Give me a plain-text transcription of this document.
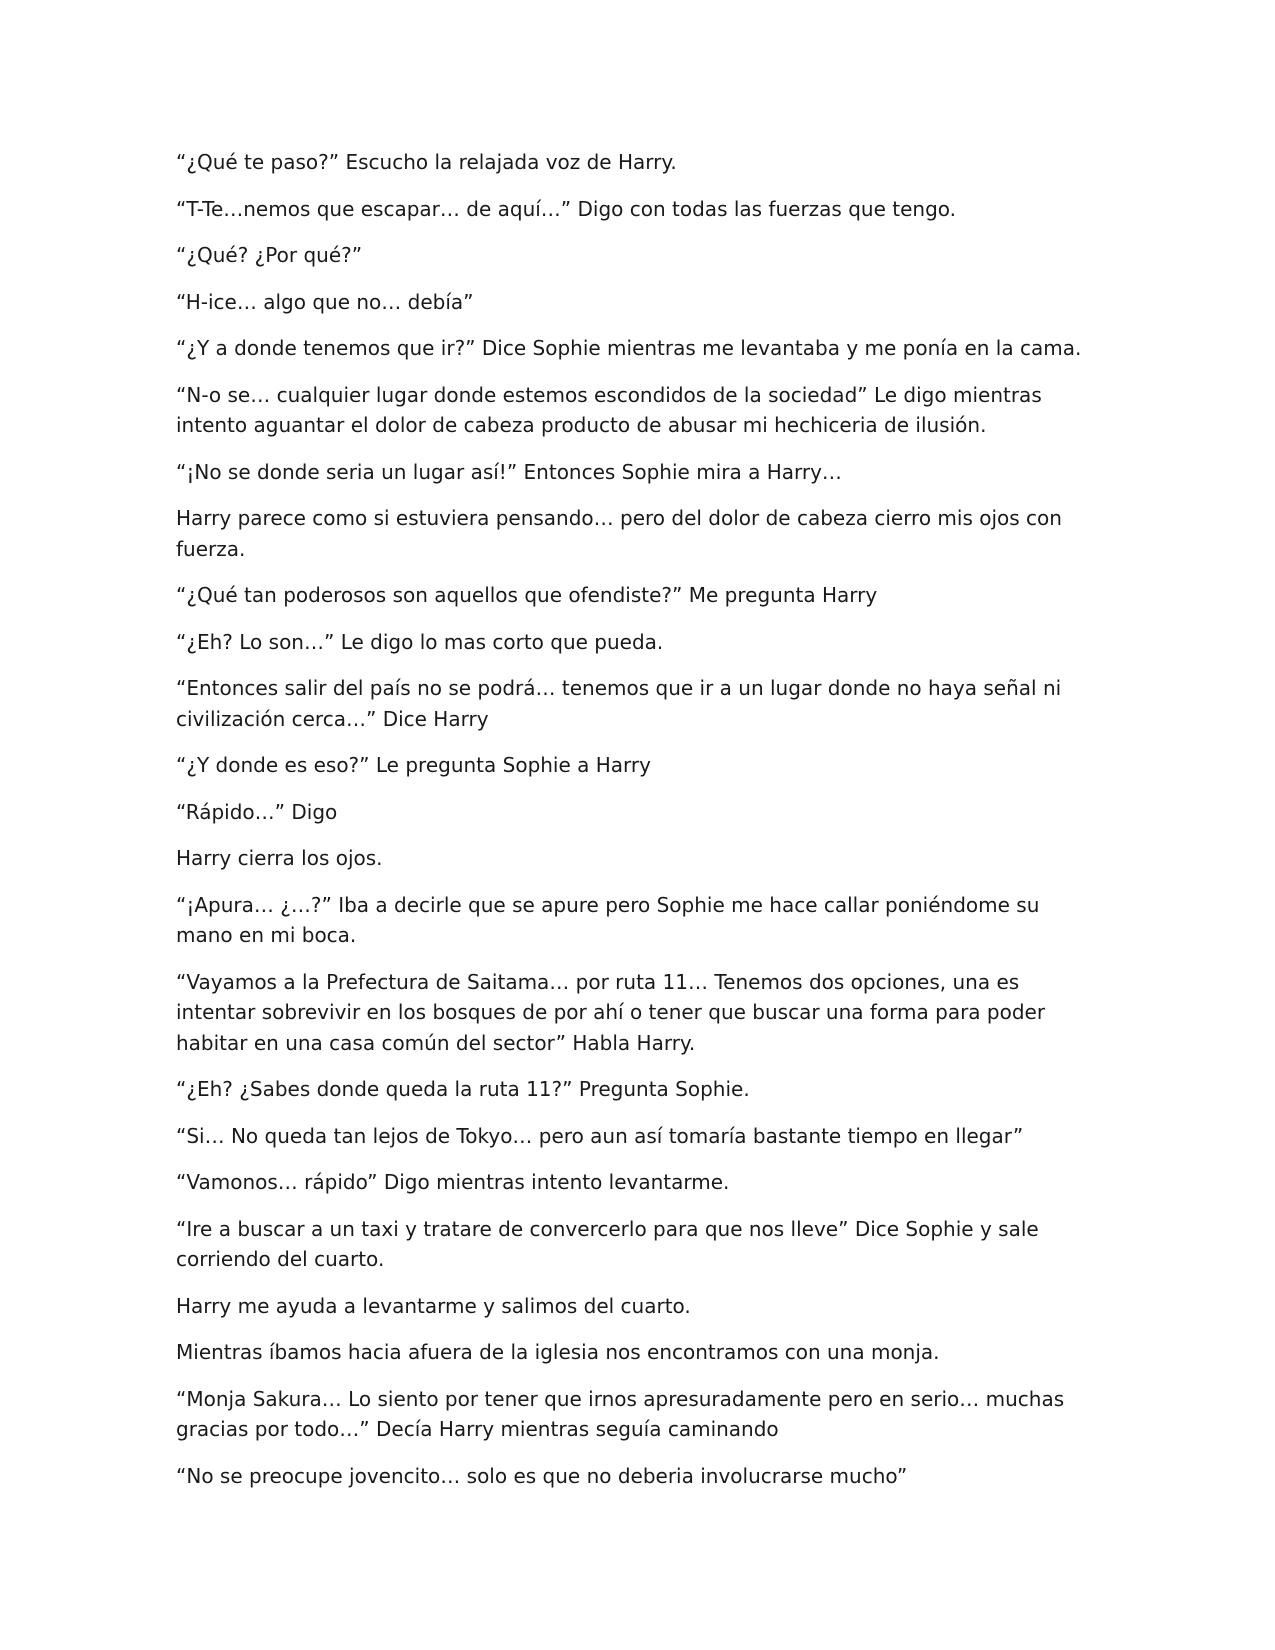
“¿Qué te paso?” Escucho la relajada voz de Harry.

“T-Te…nemos que escapar… de aquí…” Digo con todas las fuerzas que tengo.

“¿Qué? ¿Por qué?”

“H-ice… algo que no… debía”

“¿Y a donde tenemos que ir?” Dice Sophie mientras me levantaba y me ponía en la cama.

“N-o se… cualquier lugar donde estemos escondidos de la sociedad” Le digo mientras intento aguantar el dolor de cabeza producto de abusar mi hechiceria de ilusión.

“¡No se donde seria un lugar así!” Entonces Sophie mira a Harry…

Harry parece como si estuviera pensando… pero del dolor de cabeza cierro mis ojos con fuerza.

“¿Qué tan poderosos son aquellos que ofendiste?” Me pregunta Harry

“¿Eh? Lo son…” Le digo lo mas corto que pueda.

“Entonces salir del país no se podrá… tenemos que ir a un lugar donde no haya señal ni civilización cerca…” Dice Harry

“¿Y donde es eso?” Le pregunta Sophie a Harry

“Rápido…” Digo

Harry cierra los ojos.

“¡Apura… ¿…?” Iba a decirle que se apure pero Sophie me hace callar poniéndome su mano en mi boca.

“Vayamos a la Prefectura de Saitama… por ruta 11… Tenemos dos opciones, una es intentar sobrevivir en los bosques de por ahí o tener que buscar una forma para poder habitar en una casa común del sector” Habla Harry.

“¿Eh? ¿Sabes donde queda la ruta 11?” Pregunta Sophie.

“Si… No queda tan lejos de Tokyo… pero aun así tomaría bastante tiempo en llegar”

“Vamonos… rápido” Digo mientras intento levantarme.

“Ire a buscar a un taxi y tratare de convercerlo para que nos lleve” Dice Sophie y sale corriendo del cuarto.

Harry me ayuda a levantarme y salimos del cuarto.

Mientras íbamos hacia afuera de la iglesia nos encontramos con una monja.

“Monja Sakura… Lo siento por tener que irnos apresuradamente pero en serio… muchas gracias por todo…” Decía Harry mientras seguía caminando

“No se preocupe jovencito… solo es que no deberia involucrarse mucho”
